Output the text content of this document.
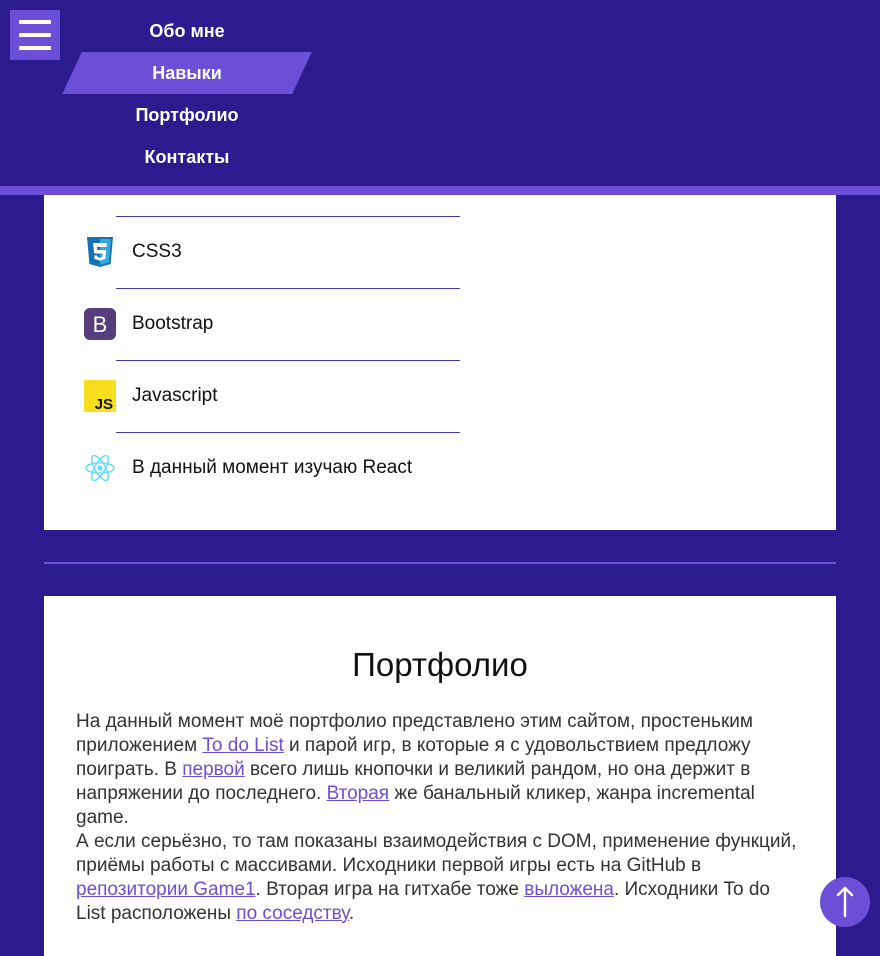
Обо мне
Навыки
Портфолио
Контакты
CSS3
B Bootstrap
JS Javascript
В данный момент изучаю React
Портфолио
На данный момент моё портфолио представлено этим сайтом, простеньким приложением To do List и парой игр, в которые я с удовольствием предложу поиграть. В первой всего лишь кнопочки и великий рандом, но она держит в напряжении до последнего. Вторая же банальный кликер, жанра incremental game.
А если серьёзно, то там показаны взаимодействия с DOM, применение функций, приёмы работы с массивами. Исходники первой игры есть на GitHub в репозитории Game1. Вторая игра на гитхабе тоже выложена. Исходники To do List расположены по соседству.
